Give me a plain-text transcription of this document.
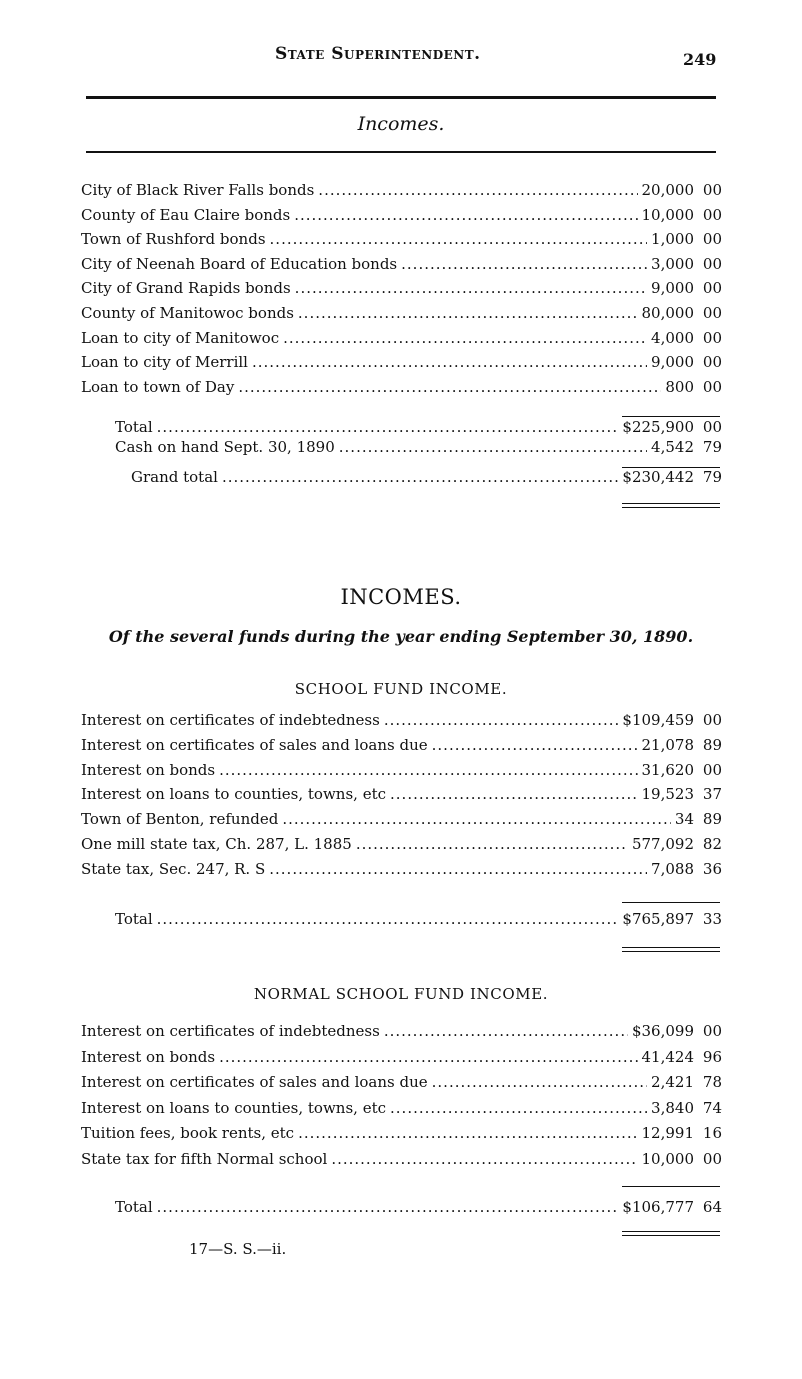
State Superintendent.	249
Incomes.
City of Black River Falls bonds .....	20,000 00
County of Eau Claire bonds .....	10,000 00
Town of Rushford bonds .....	1,000 00
City of Neenah Board of Education bonds .....	3,000 00
City of Grand Rapids bonds .....	9,000 00
County of Manitowoc bonds .....	80,000 00
Loan to city of Manitowoc .....	4,000 00
Loan to city of Merrill .....	9,000 00
Loan to town of Day .....	800 00
Total .....	$225,900 00
Cash on hand Sept. 30, 1890 .....	4,542 79
Grand total .....	$230,442 79
INCOMES.
Of the several funds during the year ending September 30, 1890.
SCHOOL FUND INCOME.
Interest on certificates of indebtedness .....	$109,459 00
Interest on certificates of sales and loans due .....	21,078 89
Interest on bonds .....	31,620 00
Interest on loans to counties, towns, etc .....	19,523 37
Town of Benton, refunded .....	34 89
One mill state tax, Ch. 287, L. 1885 .....	577,092 82
State tax, Sec. 247, R. S .....	7,088 36
Total .....	$765,897 33
NORMAL SCHOOL FUND INCOME.
Interest on certificates of indebtedness .....	$36,099 00
Interest on bonds .....	41,424 96
Interest on certificates of sales and loans due .....	2,421 78
Interest on loans to counties, towns, etc .....	3,840 74
Tuition fees, book rents, etc .....	12,991 16
State tax for fifth Normal school .....	10,000 00
Total .....	$106,777 64
17—S. S.—ii.
